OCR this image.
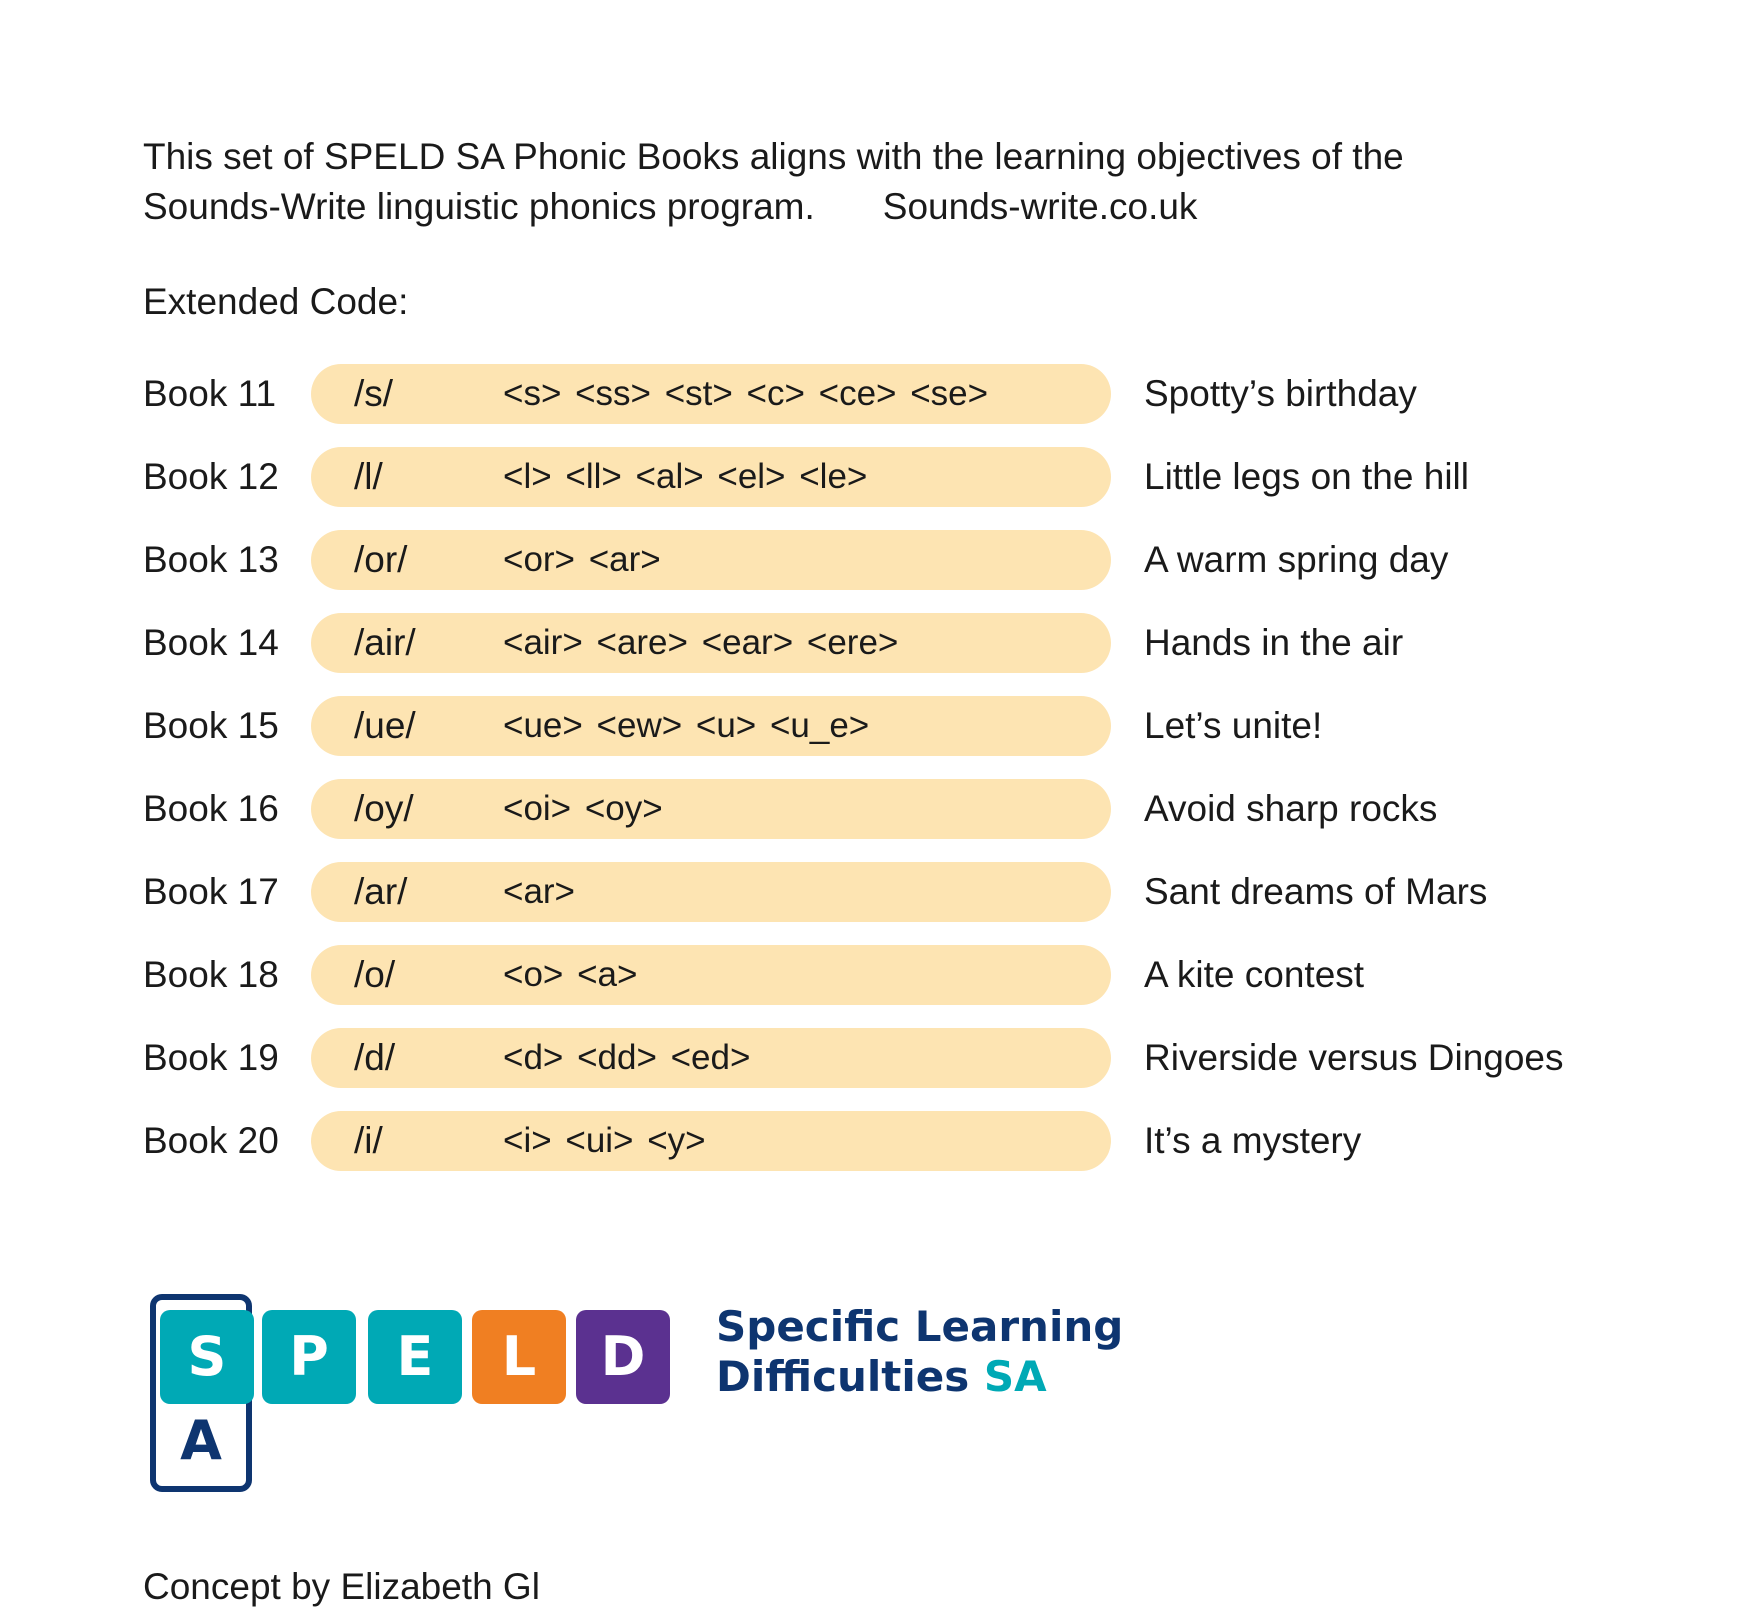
This set of SPELD SA Phonic Books aligns with the learning objectives of the
Sounds-Write linguistic phonics program. Sounds-write.co.uk

Extended Code:

Book 11 /s/	<s> <ss> <st> <c> <ce> <se>	Spotty’s birthday
Book 12 /l/	<l> <ll> <al> <el> <le>	Little legs on the hill
Book 13 /or/	<or> <ar>	A warm spring day
Book 14 /air/ <air> <are> <ear> <ere>	Hands in the air
Book 15 /ue/ <ue> <ew> <u> <u_e>	Let’s unite!
Book 16 /oy/	<oi> <oy>	Avoid sharp rocks
Book 17 /ar/	<ar>	Sant dreams of Mars
Book 18 /o/	<o> <a>	A kite contest
Book 19 /d/	<d> <dd> <ed>	Riverside versus Dingoes
Book 20 /i/	<i> <ui> <y>	It’s a mystery
S	P	E	L	D
A
Specific Learning
Difficulties SA
Concept by Elizabeth Gl
